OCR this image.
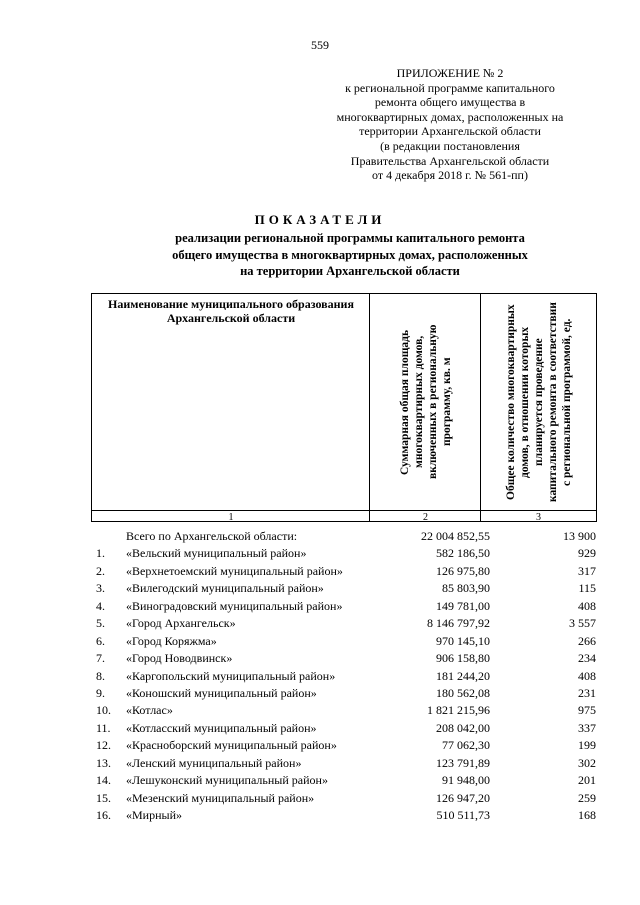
559
ПРИЛОЖЕНИЕ № 2
к региональной программе капитального
ремонта общего имущества в
многоквартирных домах, расположенных на
территории Архангельской области
(в редакции постановления
Правительства Архангельской области
от 4 декабря 2018 г. № 561-пп)
ПОКАЗАТЕЛИ
реализации региональной программы капитального ремонта
общего имущества в многоквартирных домах, расположенных
на территории Архангельской области
Наименование муниципального образования Архангельской области
Суммарная общая площадь многоквартирных домов, включенных в региональную программу, кв. м	Общее количество многоквартирных домов, в отношении которых планируется проведение капитального ремонта в соответствии с региональной программой, ед.
1	2	3
Всего по Архангельской области:	22 004 852,55	13 900
1.	«Вельский муниципальный район»	582 186,50	929
2.	«Верхнетоемский муниципальный район»	126 975,80	317
3.	«Вилегодский муниципальный район»	85 803,90	115
4.	«Виноградовский муниципальный район»	149 781,00	408
5.	«Город Архангельск»	8 146 797,92	3 557
6.	«Город Коряжма»	970 145,10	266
7.	«Город Новодвинск»	906 158,80	234
8.	«Каргопольский муниципальный район»	181 244,20	408
9.	«Коношский муниципальный район»	180 562,08	231
10.	«Котлас»	1 821 215,96	975
11.	«Котласский муниципальный район»	208 042,00	337
12.	«Красноборский муниципальный район»	77 062,30	199
13.	«Ленский муниципальный район»	123 791,89	302
14.	«Лешуконский муниципальный район»	91 948,00	201
15.	«Мезенский муниципальный район»	126 947,20	259
16.	«Мирный»	510 511,73	168
